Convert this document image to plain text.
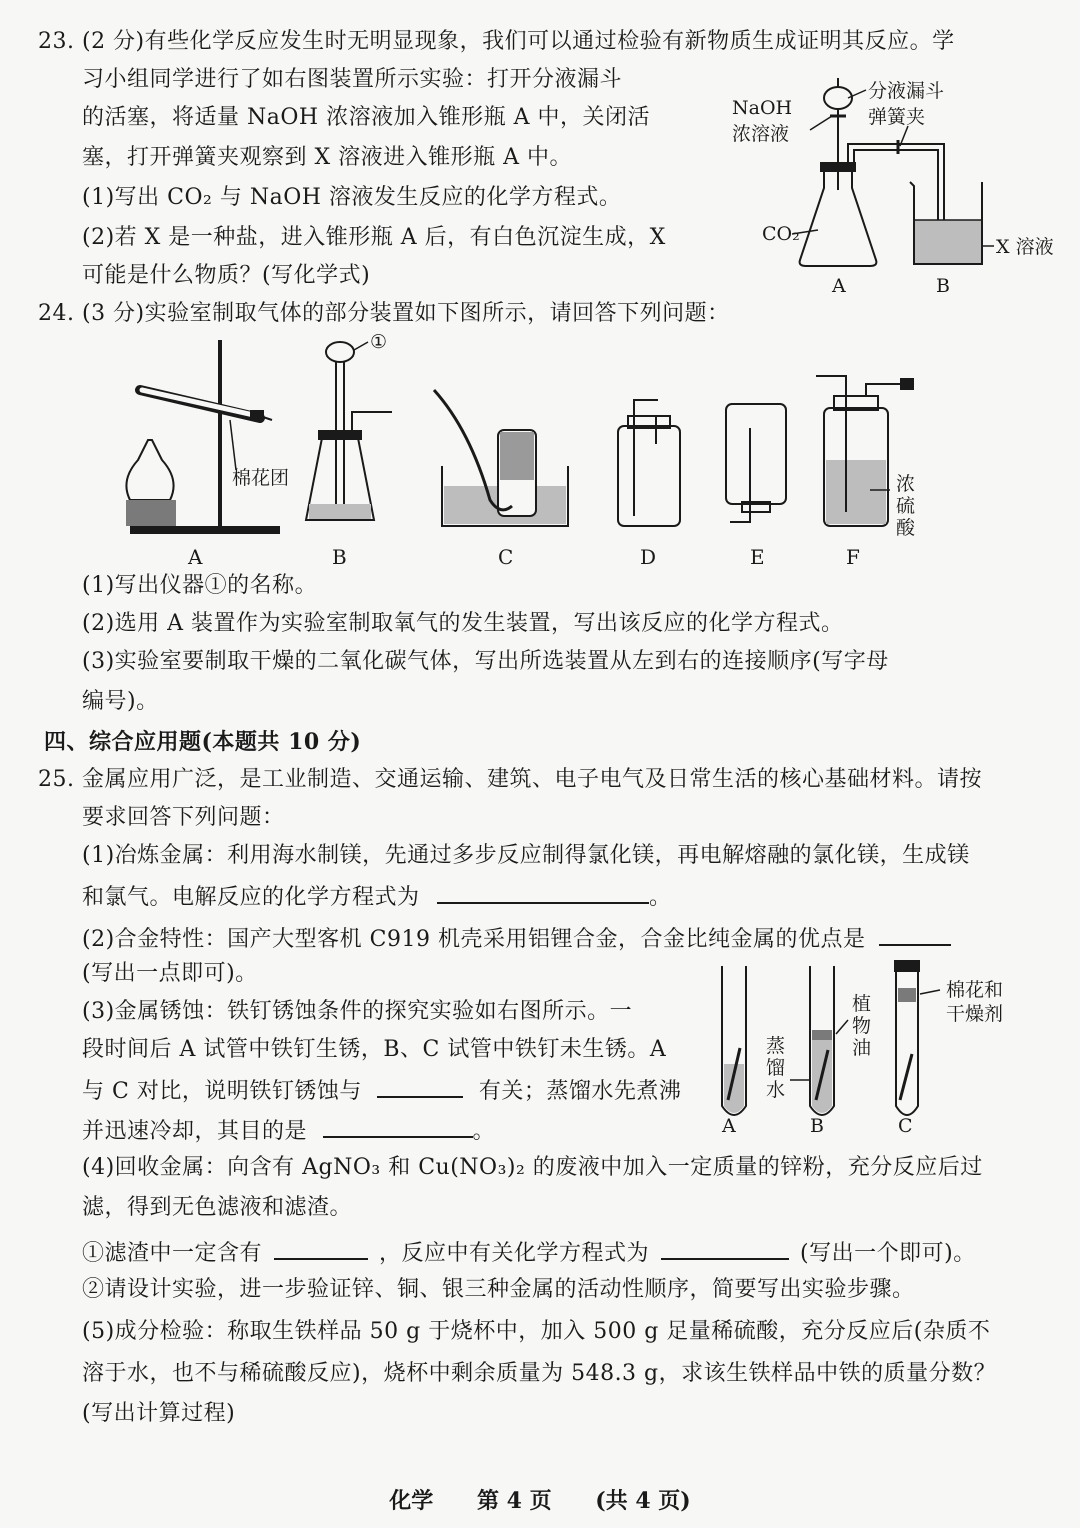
23. (2 分)有些化学反应发生时无明显现象，我们可以通过检验有新物质生成证明其反应。学
习小组同学进行了如右图装置所示实验：打开分液漏斗
的活塞，将适量 NaOH 浓溶液加入锥形瓶 A 中，关闭活
塞，打开弹簧夹观察到 X 溶液进入锥形瓶 A 中。
(1)写出 CO₂ 与 NaOH 溶液发生反应的化学方程式。
(2)若 X 是一种盐，进入锥形瓶 A 后，有白色沉淀生成，X
可能是什么物质？(写化学式)
分液漏斗
弹簧夹
NaOH
浓溶液
CO₂
X 溶液
A	B
24. (3 分)实验室制取气体的部分装置如下图所示，请回答下列问题：
棉花团
①
浓
硫
酸
A	B	C	D	E	F
(1)写出仪器①的名称。
(2)选用 A 装置作为实验室制取氧气的发生装置，写出该反应的化学方程式。
(3)实验室要制取干燥的二氧化碳气体，写出所选装置从左到右的连接顺序(写字母
编号)。
四、综合应用题(本题共 10 分)
25. 金属应用广泛，是工业制造、交通运输、建筑、电子电气及日常生活的核心基础材料。请按
要求回答下列问题：
(1)冶炼金属：利用海水制镁，先通过多步反应制得氯化镁，再电解熔融的氯化镁，生成镁
和氯气。电解反应的化学方程式为	。
(2)合金特性：国产大型客机 C919 机壳采用铝锂合金，合金比纯金属的优点是
(写出一点即可)。
(3)金属锈蚀：铁钉锈蚀条件的探究实验如右图所示。一
段时间后 A 试管中铁钉生锈，B、C 试管中铁钉未生锈。A
与 C 对比，说明铁钉锈蚀与	有关；蒸馏水先煮沸
并迅速冷却，其目的是	。	A	B	C
植
物
油
蒸
馏
水
棉花和
干燥剂
(4)回收金属：向含有 AgNO₃ 和 Cu(NO₃)₂ 的废液中加入一定质量的锌粉，充分反应后过
滤，得到无色滤液和滤渣。
①滤渣中一定含有	，反应中有关化学方程式为	(写出一个即可)。
②请设计实验，进一步验证锌、铜、银三种金属的活动性顺序，简要写出实验步骤。
(5)成分检验：称取生铁样品 50 g 于烧杯中，加入 500 g 足量稀硫酸，充分反应后(杂质不
溶于水，也不与稀硫酸反应)，烧杯中剩余质量为 548.3 g，求该生铁样品中铁的质量分数？
(写出计算过程)
化学 第 4 页 (共 4 页)
